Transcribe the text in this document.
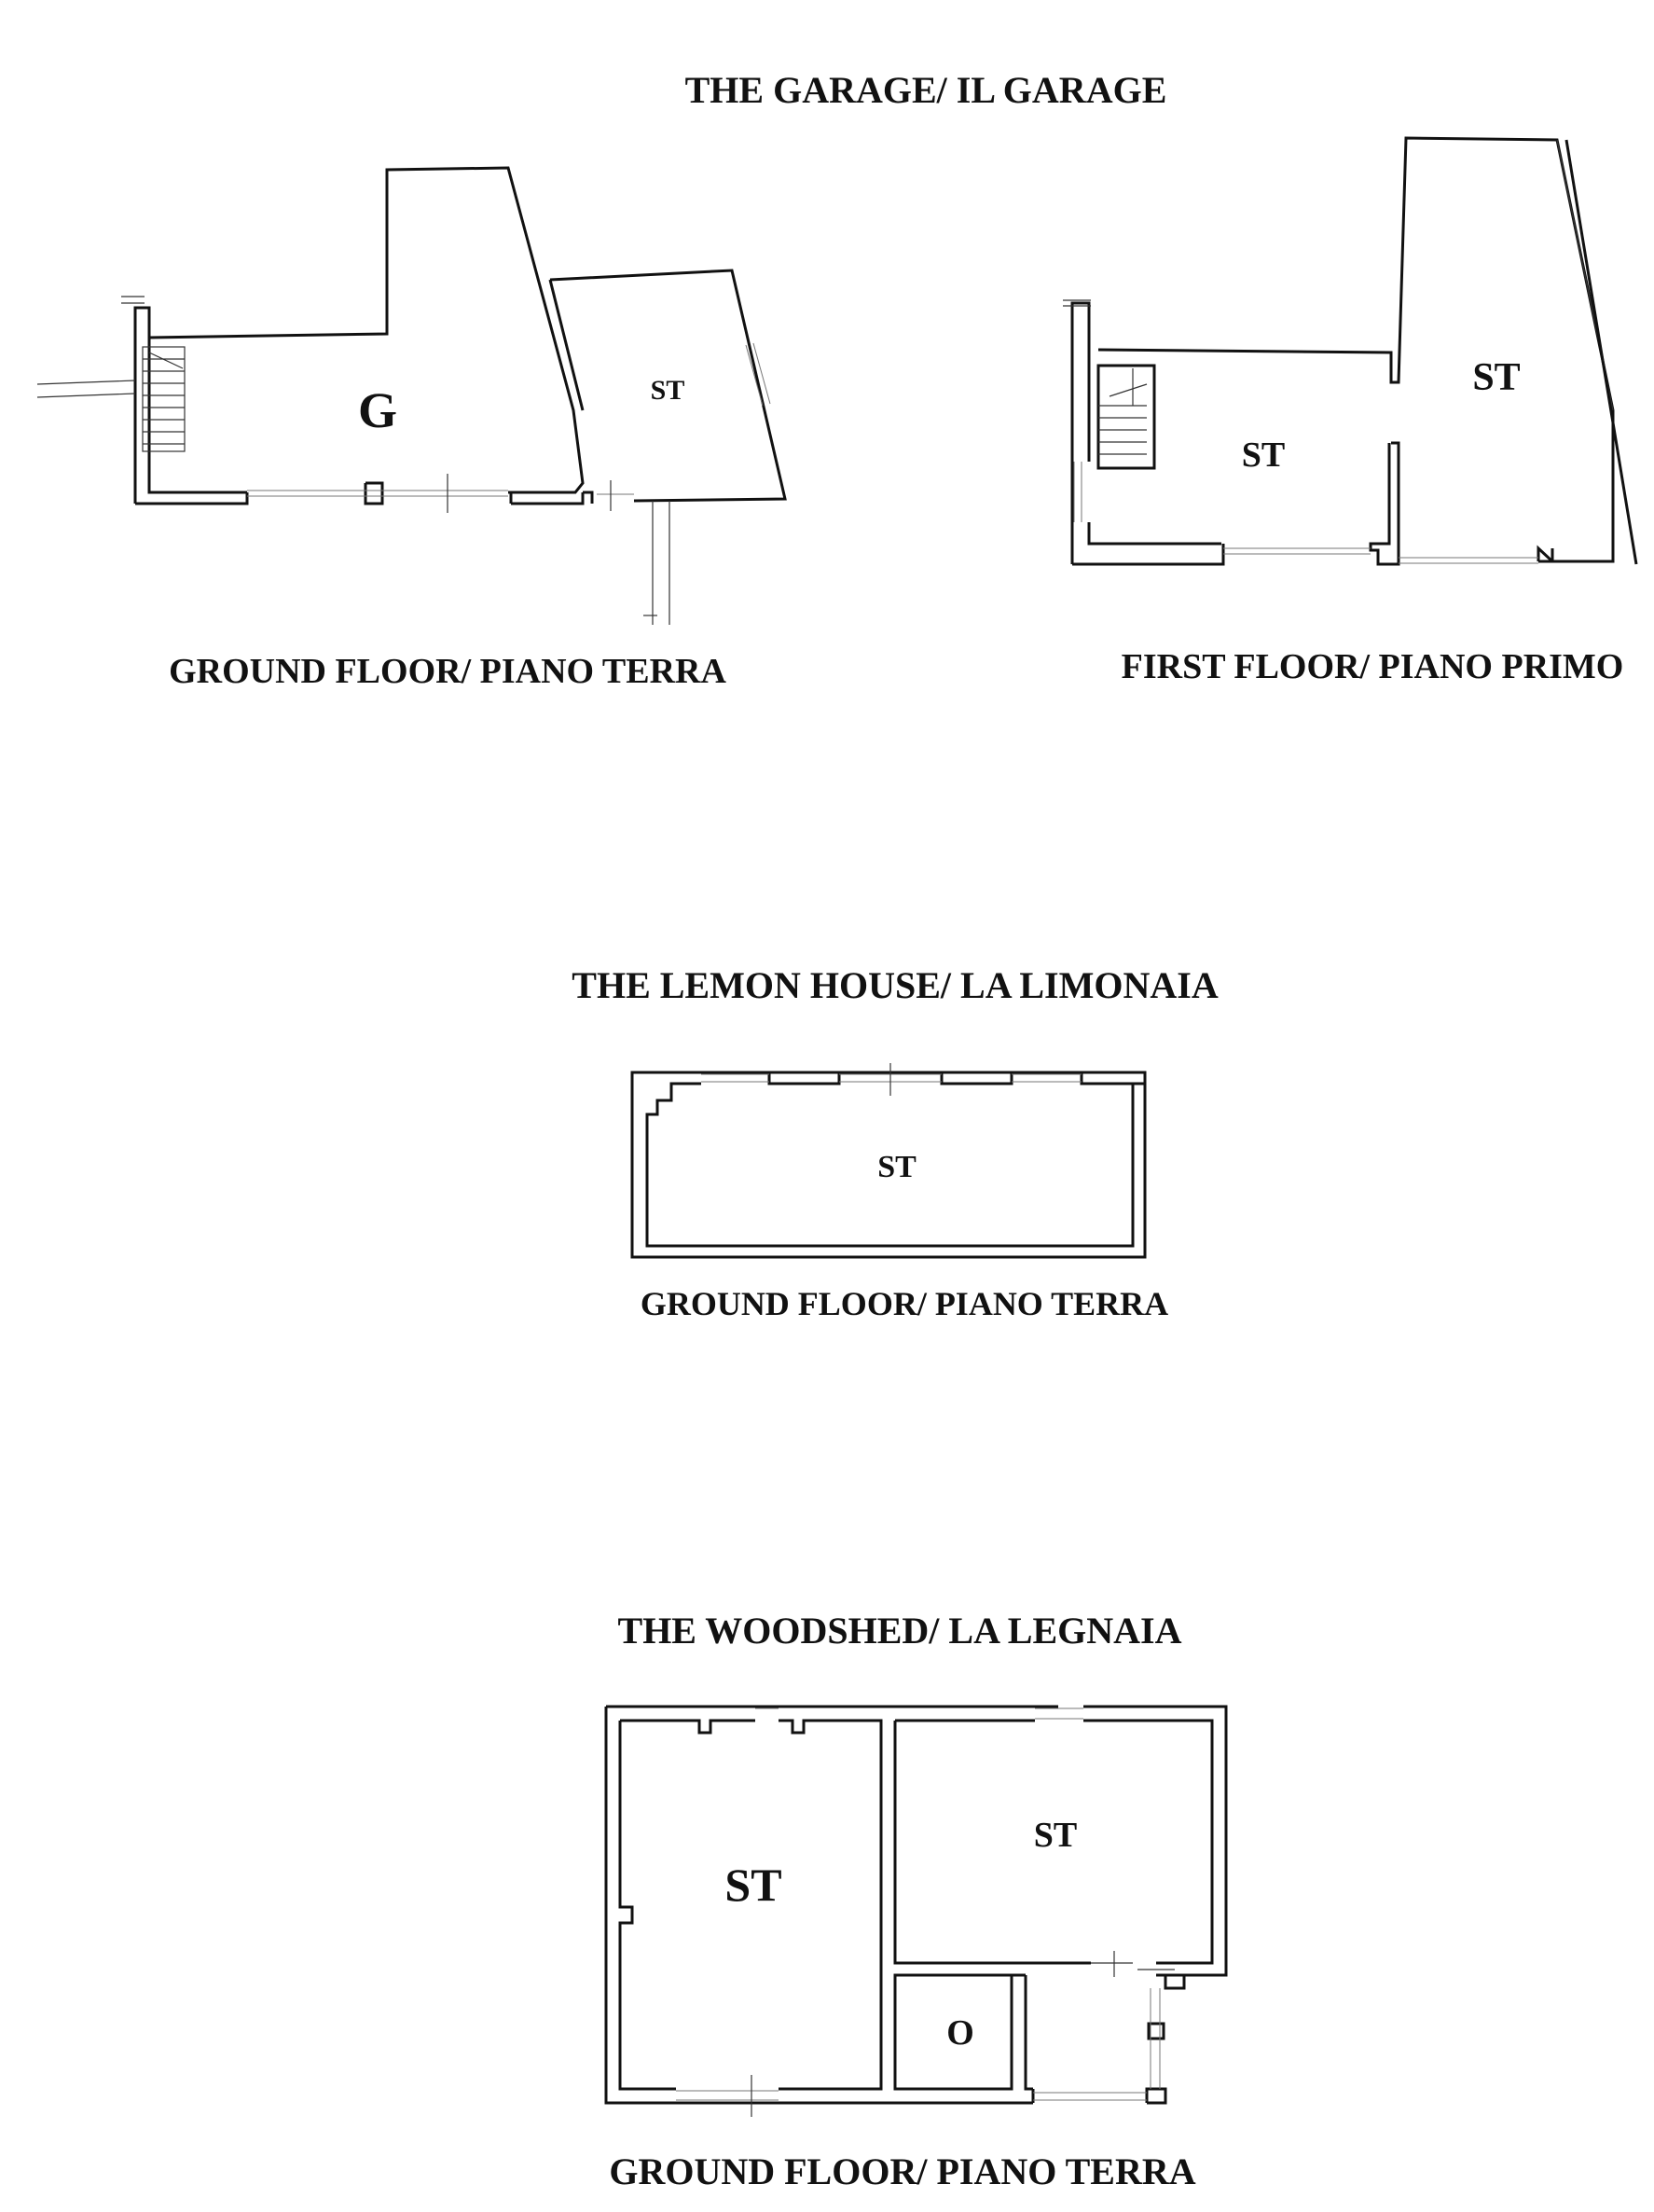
THE GARAGE/ IL GARAGE
G	ST
GROUND FLOOR/ PIANO TERRA
ST
ST
FIRST FLOOR/ PIANO PRIMO
THE LEMON HOUSE/ LA LIMONAIA
ST
GROUND FLOOR/ PIANO TERRA
THE WOODSHED/ LA LEGNAIA
ST
ST
O
GROUND FLOOR/ PIANO TERRA
